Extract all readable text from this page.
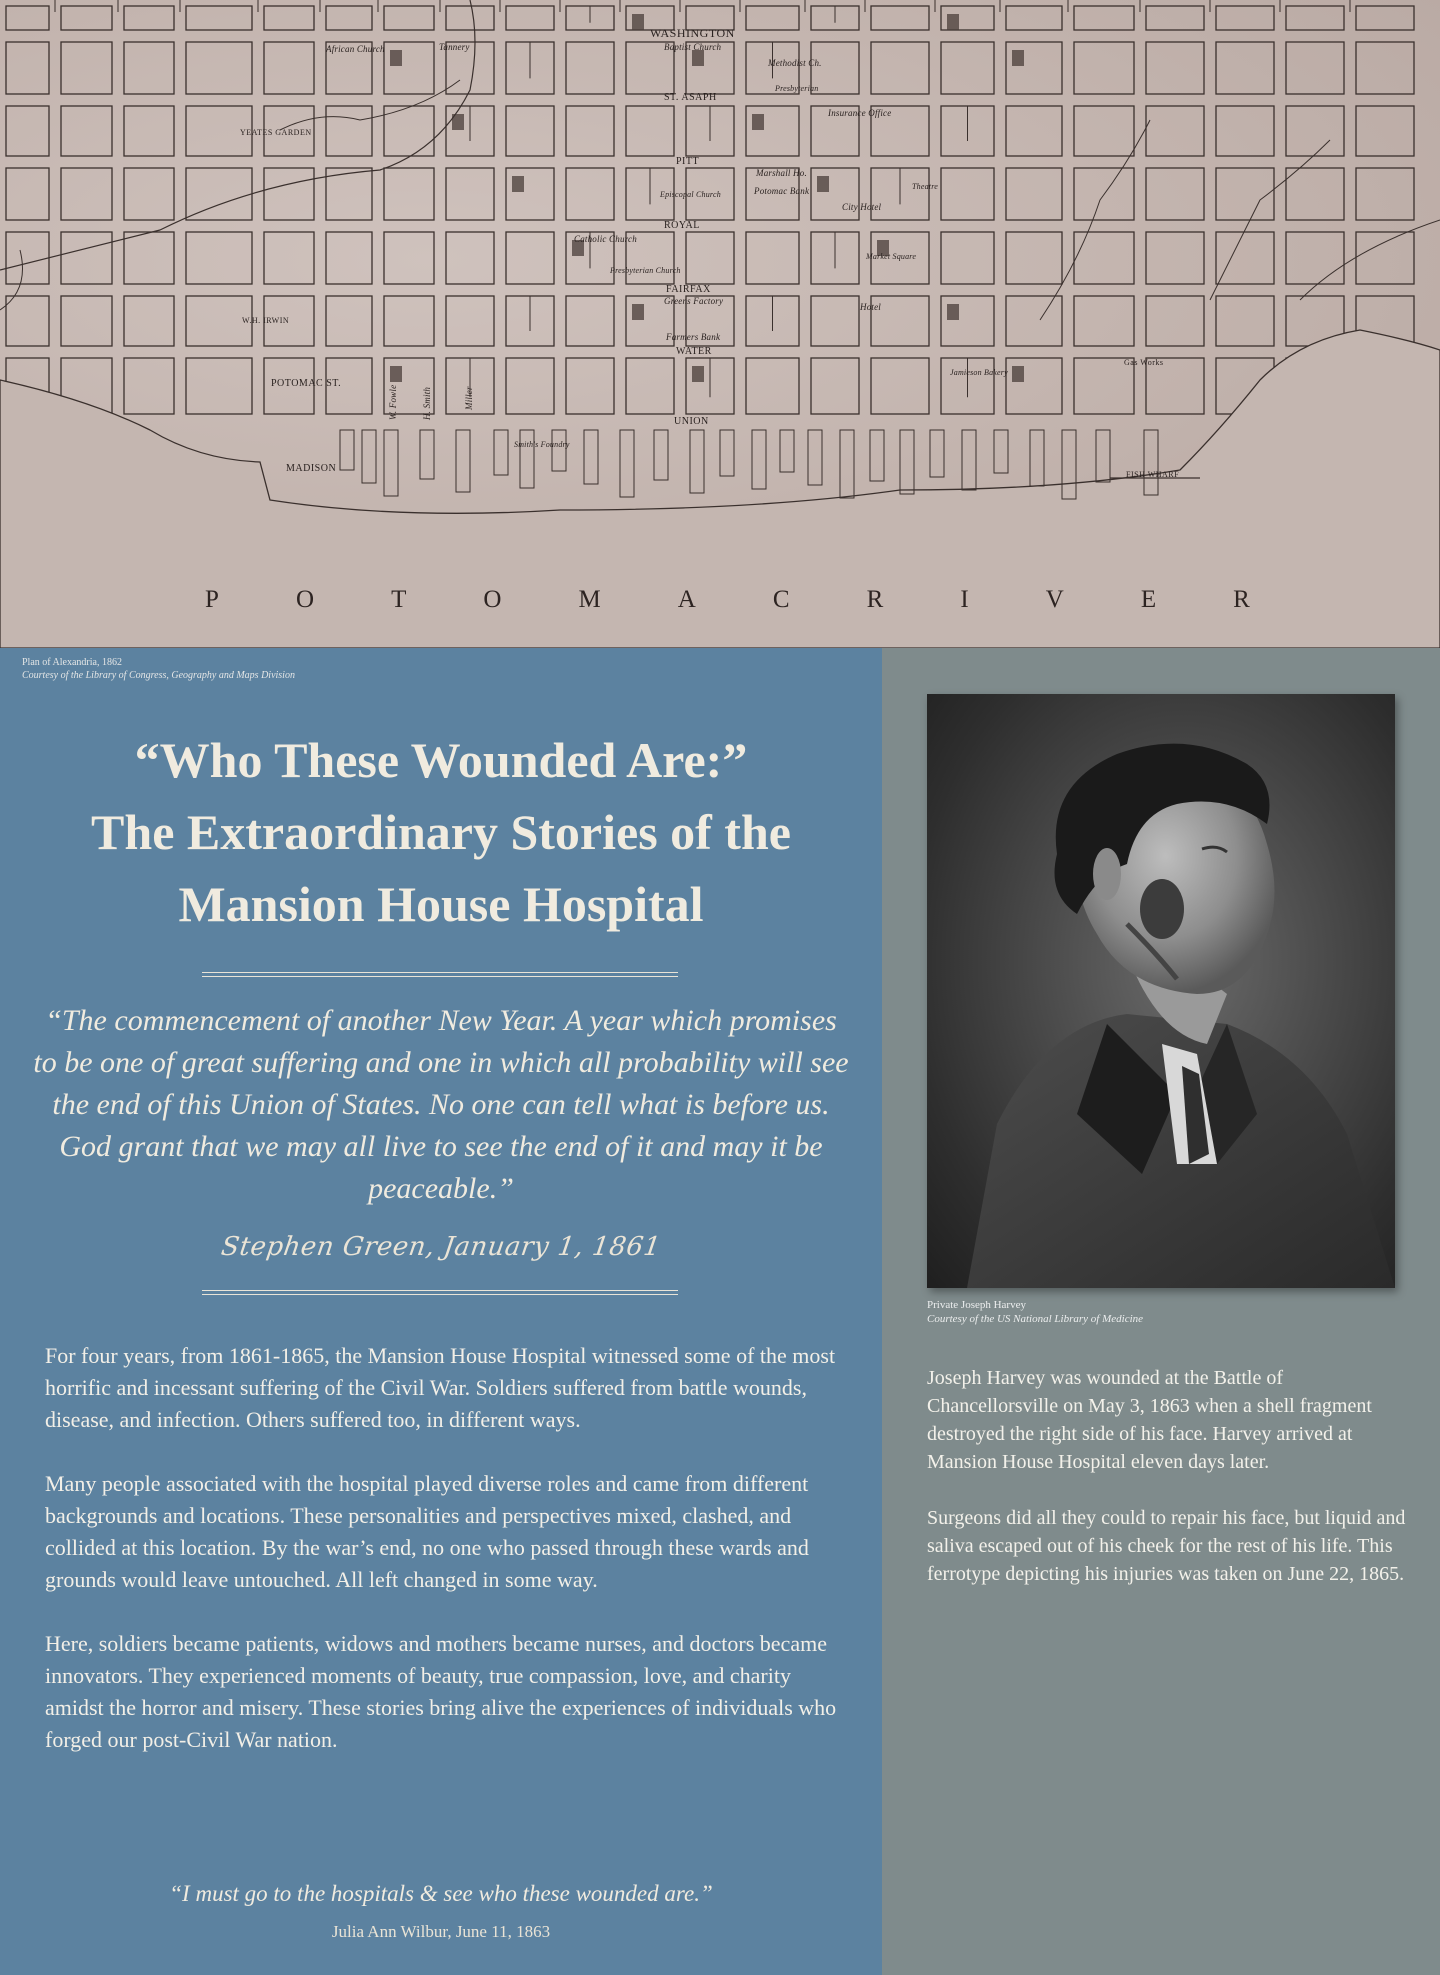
WASHINGTON
ST. ASAPH
PITT
ROYAL
FAIRFAX
WATER
UNION
MADISON
POTOMAC ST.
FISH WHARF
African Church	Tannery	Baptist Church
Methodist Ch.
Presbyterian
Insurance Office
YEATES GARDEN
Marshall Ho.
Potomac Bank
City Hotel
Theatre
Episcopal Church
Catholic Church
Presbyterian Church
Market Square
Hotel
W.H. IRWIN
Greens Factory
Farmers Bank
Jamieson Bakery
Gas Works
Smith's Foundry
W. Fowle	H. Smith	Miller
P	O	T	O	M	A	C	R	I	V	E	R
Plan of Alexandria, 1862
Courtesy of the Library of Congress, Geography and Maps Division
“Who These Wounded Are:”
The Extraordinary Stories of the
Mansion House Hospital
“The commencement of another New Year. A year which promises to be one of great suffering and one in which all probability will see the end of this Union of States. No one can tell what is before us. God grant that we may all live to see the end of it and may it be peaceable.”
Stephen Green, January 1, 1861

For four years, from 1861-1865, the Mansion House Hospital witnessed some of the most horrific and incessant suffering of the Civil War. Soldiers suffered from battle wounds, disease, and infection. Others suffered too, in different ways.

Many people associated with the hospital played diverse roles and came from different backgrounds and locations. These personalities and perspectives mixed, clashed, and collided at this location. By the war’s end, no one who passed through these wards and grounds would leave untouched. All left changed in some way.

Here, soldiers became patients, widows and mothers became nurses, and doctors became innovators. They experienced moments of beauty, true compassion, love, and charity amidst the horror and misery. These stories bring alive the experiences of individuals who forged our post-Civil War nation.

“I must go to the hospitals & see who these wounded are.”
Julia Ann Wilbur, June 11, 1863
Private Joseph Harvey
Courtesy of the US National Library of Medicine

Joseph Harvey was wounded at the Battle of Chancellorsville on May 3, 1863 when a shell fragment destroyed the right side of his face. Harvey arrived at Mansion House Hospital eleven days later.

Surgeons did all they could to repair his face, but liquid and saliva escaped out of his cheek for the rest of his life. This ferrotype depicting his injuries was taken on June 22, 1865.
